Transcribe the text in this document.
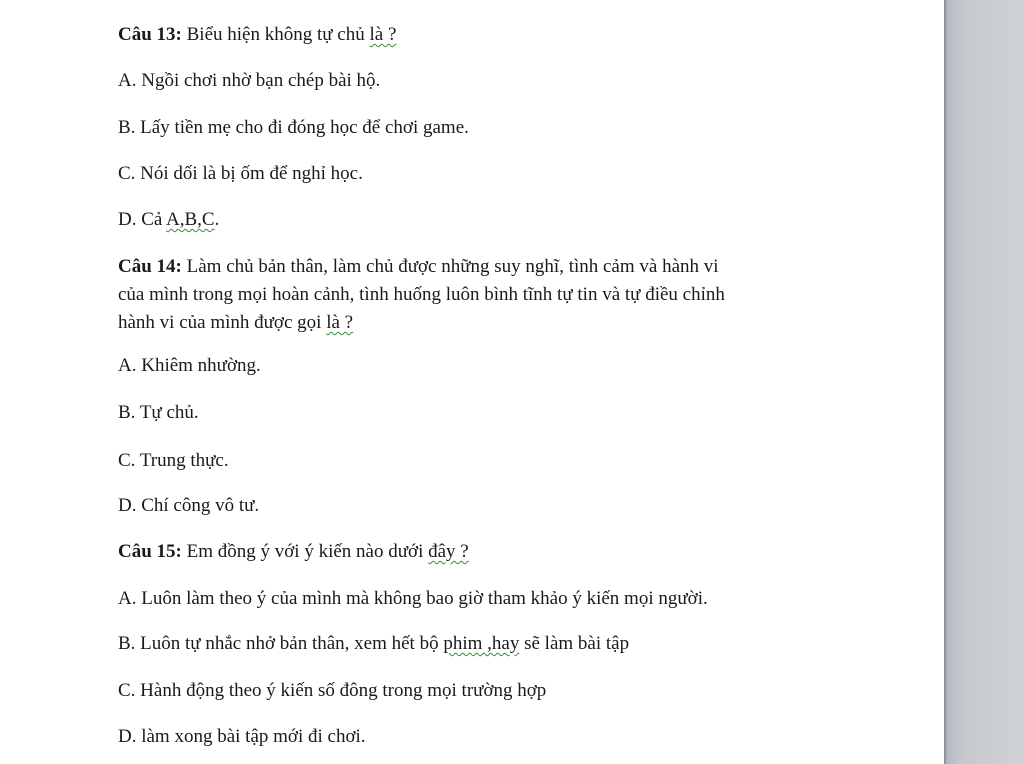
Câu 13: Biểu hiện không tự chủ là ?
A. Ngồi chơi nhờ bạn chép bài hộ.
B. Lấy tiền mẹ cho đi đóng học để chơi game.
C. Nói dối là bị ốm để nghỉ học.
D. Cả A,B,C.
Câu 14: Làm chủ bản thân, làm chủ được những suy nghĩ, tình cảm và hành vi
của mình trong mọi hoàn cảnh, tình huống luôn bình tĩnh tự tin và tự điều chỉnh
hành vi của mình được gọi là ?
A. Khiêm nhường.
B. Tự chủ.
C. Trung thực.
D. Chí công vô tư.
Câu 15: Em đồng ý với ý kiến nào dưới đây ?
A. Luôn làm theo ý của mình mà không bao giờ tham khảo ý kiến mọi người.
B. Luôn tự nhắc nhở bản thân, xem hết bộ phim ,hay sẽ làm bài tập
C. Hành động theo ý kiến số đông trong mọi trường hợp
D. làm xong bài tập mới đi chơi.
